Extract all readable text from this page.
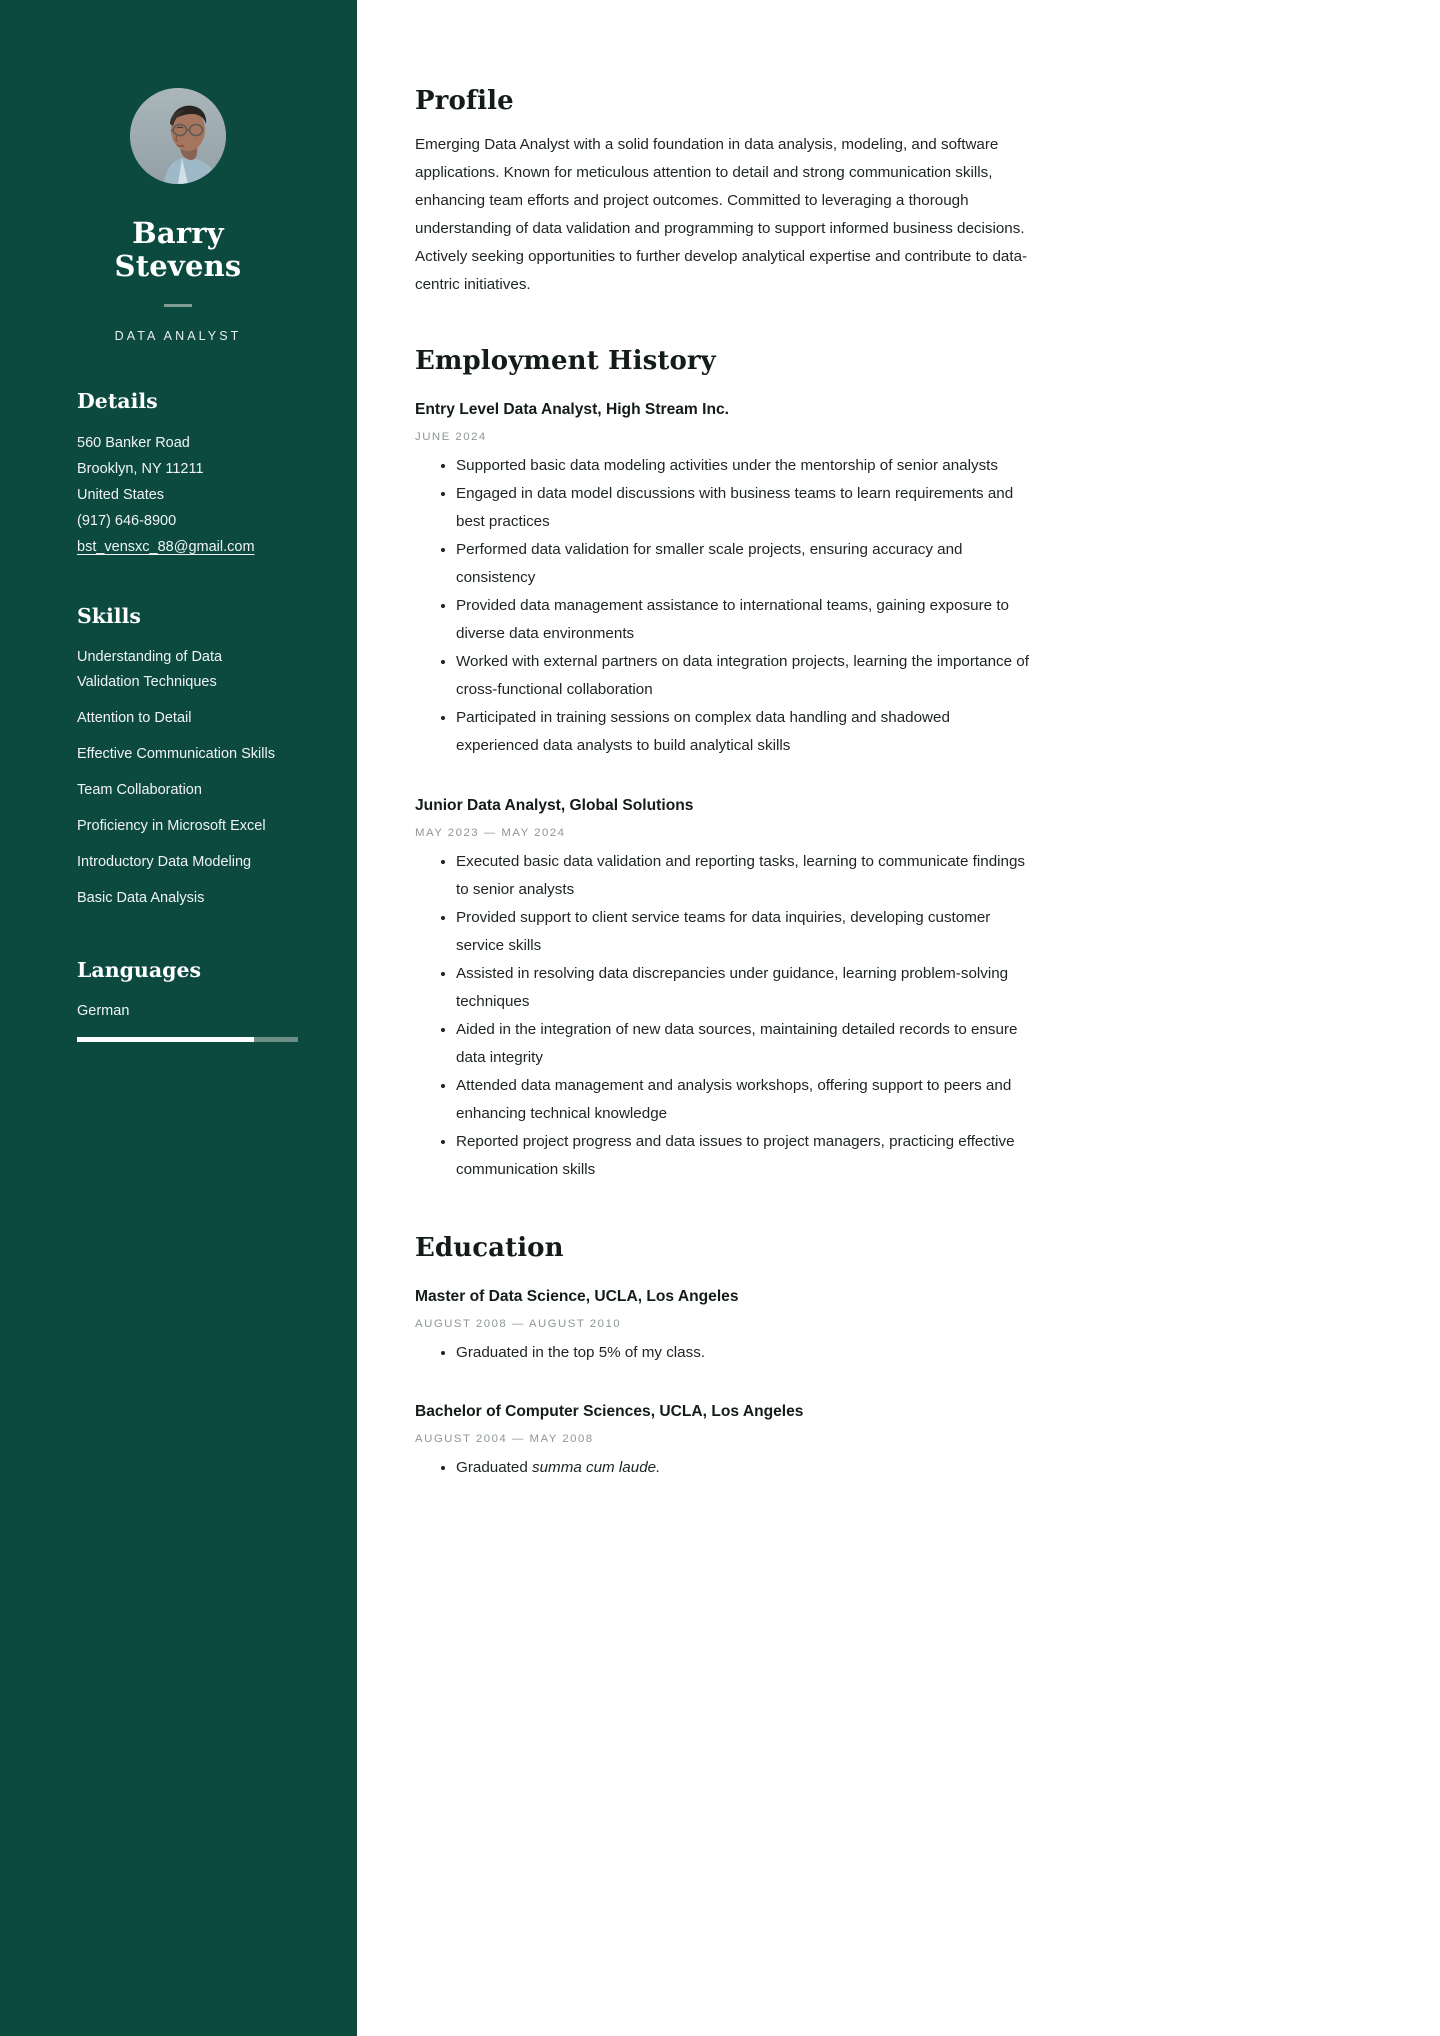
Barry Stevens
DATA ANALYST
Details
560 Banker Road
Brooklyn, NY 11211
United States
(917) 646-8900
bst_vensxc_88@gmail.com
Skills
Understanding of Data Validation Techniques
Attention to Detail
Effective Communication Skills
Team Collaboration
Proficiency in Microsoft Excel
Introductory Data Modeling
Basic Data Analysis
Languages
German
Profile

Emerging Data Analyst with a solid foundation in data analysis, modeling, and software applications. Known for meticulous attention to detail and strong communication skills, enhancing team efforts and project outcomes. Committed to leveraging a thorough understanding of data validation and programming to support informed business decisions. Actively seeking opportunities to further develop analytical expertise and contribute to data-centric initiatives.

Employment History
Entry Level Data Analyst, High Stream Inc.
JUNE 2024
• Supported basic data modeling activities under the mentorship of senior analysts
• Engaged in data model discussions with business teams to learn requirements and best practices
• Performed data validation for smaller scale projects, ensuring accuracy and consistency
• Provided data management assistance to international teams, gaining exposure to diverse data environments
• Worked with external partners on data integration projects, learning the importance of cross-functional collaboration
• Participated in training sessions on complex data handling and shadowed experienced data analysts to build analytical skills
Junior Data Analyst, Global Solutions
MAY 2023 — MAY 2024
• Executed basic data validation and reporting tasks, learning to communicate findings to senior analysts
• Provided support to client service teams for data inquiries, developing customer service skills
• Assisted in resolving data discrepancies under guidance, learning problem-solving techniques
• Aided in the integration of new data sources, maintaining detailed records to ensure data integrity
• Attended data management and analysis workshops, offering support to peers and enhancing technical knowledge
• Reported project progress and data issues to project managers, practicing effective communication skills
Education
Master of Data Science, UCLA, Los Angeles
AUGUST 2008 — AUGUST 2010
• Graduated in the top 5% of my class.
Bachelor of Computer Sciences, UCLA, Los Angeles
AUGUST 2004 — MAY 2008
• Graduated summa cum laude.
